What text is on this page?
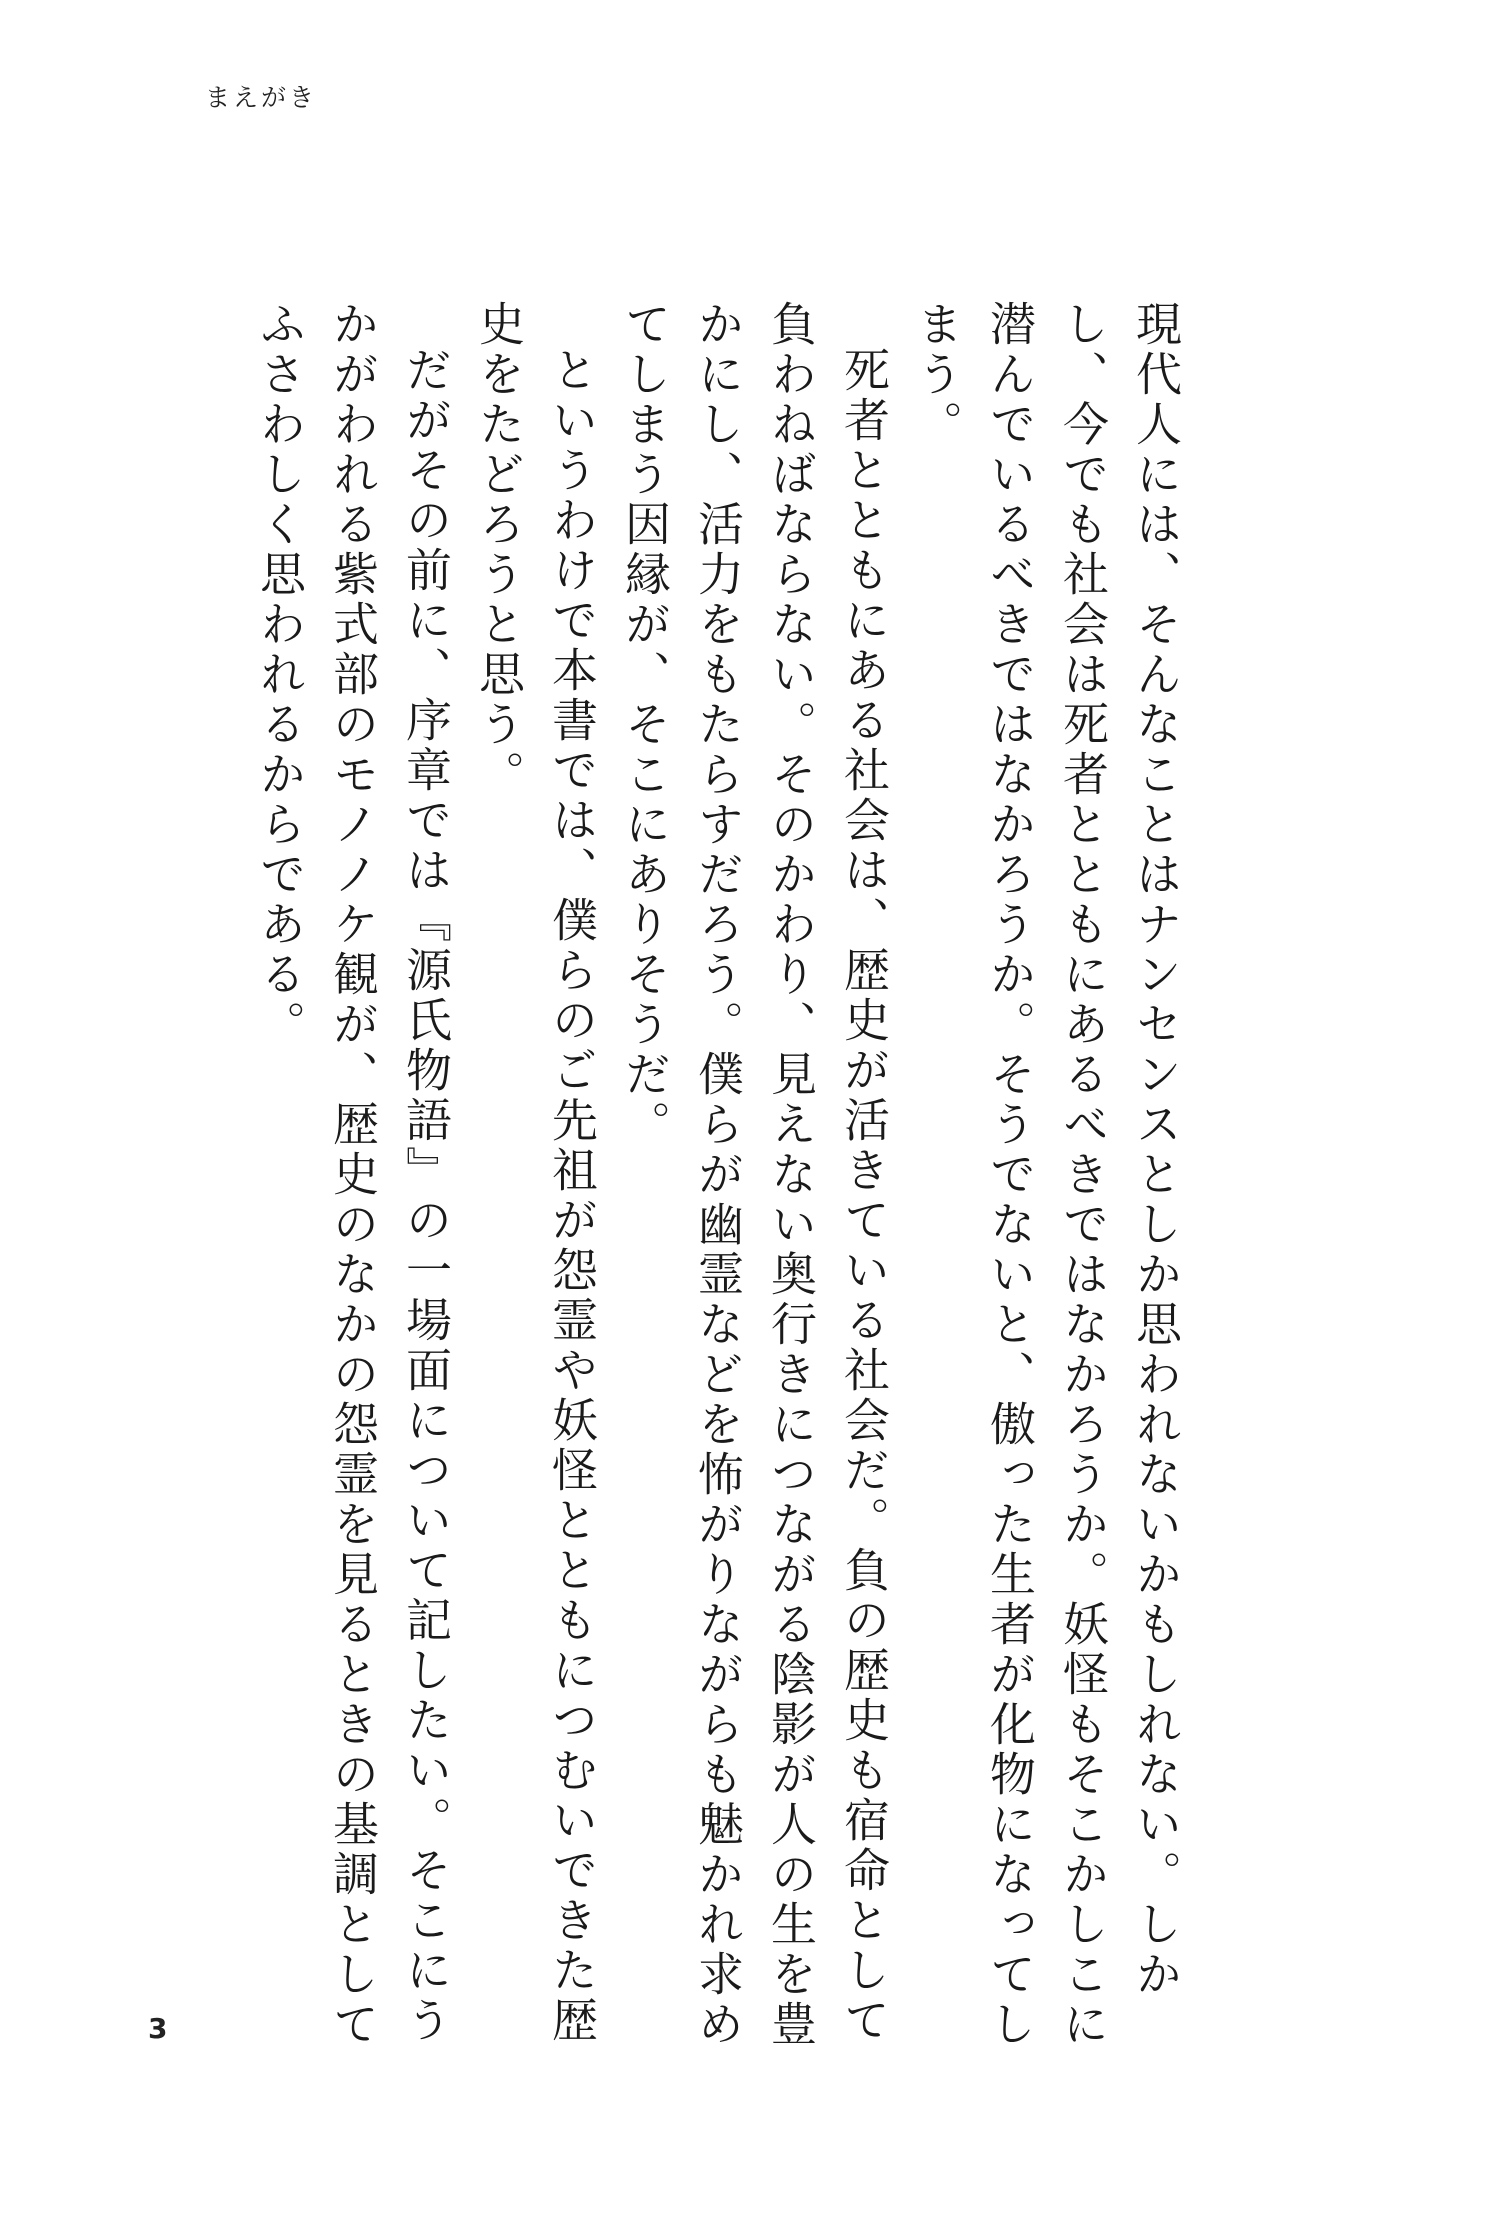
まえがき

現代人には、そんなことはナンセンスとしか思われないかもしれない。しかし、今でも社会は死者とともにあるべきではなかろうか。妖怪もそこかしこに潜んでいるべきではなかろうか。そうでないと、傲った生者が化物になってしまう。

死者とともにある社会は、歴史が活きている社会だ。負の歴史も宿命として負わねばならない。そのかわり、見えない奥行きにつながる陰影が人の生を豊かにし、活力をもたらすだろう。僕らが幽霊などを怖がりながらも魅かれ求めてしまう因縁が、そこにありそうだ。

というわけで本書では、僕らのご先祖が怨霊や妖怪とともにつむいできた歴史をたどろうと思う。

だがその前に、序章では『源氏物語』の一場面について記したい。そこにうかがわれる紫式部のモノノケ観が、歴史のなかの怨霊を見るときの基調としてふさわしく思われるからである。

3
